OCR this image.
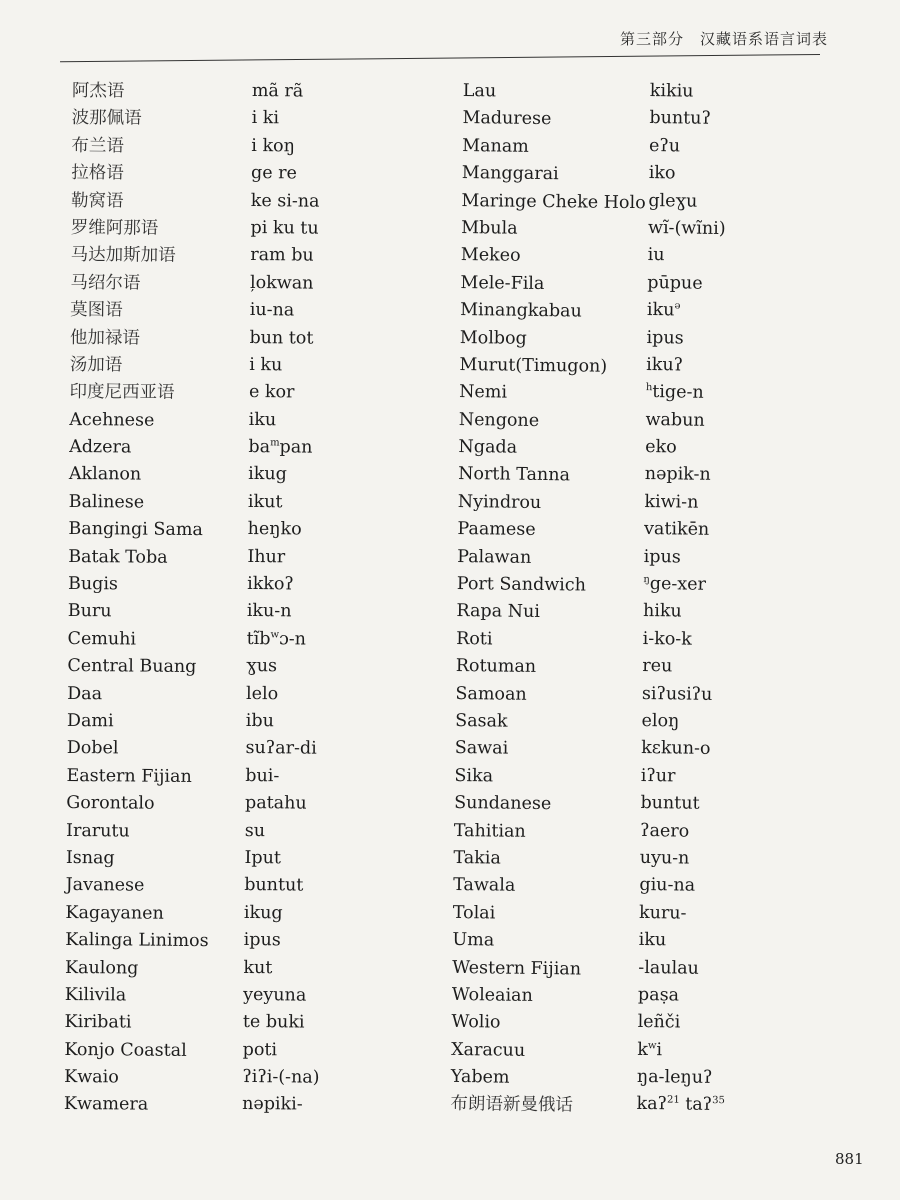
第三部分　汉藏语系语言词表
阿杰语
波那佩语
布兰语
拉格语
勒窝语
罗维阿那语
马达加斯加语
马绍尔语
莫图语
他加禄语
汤加语
印度尼西亚语
Acehnese
Adzera
Aklanon
Balinese
Bangingi Sama
Batak Toba
Bugis
Buru
Cemuhi
Central Buang
Daa
Dami
Dobel
Eastern Fijian
Gorontalo
Irarutu
Isnag
Javanese
Kagayanen
Kalinga Linimos
Kaulong
Kilivila
Kiribati
Konjo Coastal
Kwaio
Kwamera
mã rã
i ki
i koŋ
ge re
ke si-na
pi ku tu
ram bu
ļokwan
iu-na
bun tot
i ku
e kor
iku
$ba^mpan$
ikug
ikut
heŋko
Ihur
ikkoʔ
iku-n
tĩb$^w$ɔ-n
ɣus
lelo
ibu
suʔar-di
bui-
patahu
su
Iput
buntut
ikug
ipus
kut
yeyuna
te buki
poti
ʔiʔi-(-na)
nəpiki-
Lau
Madurese
Manam
Manggarai
Maringe Cheke Holo
Mbula
Mekeo
Mele-Fila
Minangkabau
Molbog
Murut(Timugon)
Nemi
Nengone
Ngada
North Tanna
Nyindrou
Paamese
Palawan
Port Sandwich
Rapa Nui
Roti
Rotuman
Samoan
Sasak
Sawai
Sika
Sundanese
Tahitian
Takia
Tawala
Tolai
Uma
Western Fijian
Woleaian
Wolio
Xaracuu
Yabem
布朗语新曼俄话
kikiu
buntuʔ
eʔu
iko
gleɣu
wĩ-(wĩni)
iu
pūpue
iku$^ə$
ipus
ikuʔ
$^h$tige-n
wabun
eko
nəpik-n
kiwi-n
vatikēn
ipus
$^ŋ$ge-xer
hiku
i-ko-k
reu
siʔusiʔu
eloŋ
kɛkun-o
iʔur
buntut
ʔaero
uyu-n
giu-na
kuru-
iku
-laulau
paṣa
leñči
$k^wi$
ŋa-leŋuʔ
kaʔ$^{21}$ taʔ$^{35}$
881
